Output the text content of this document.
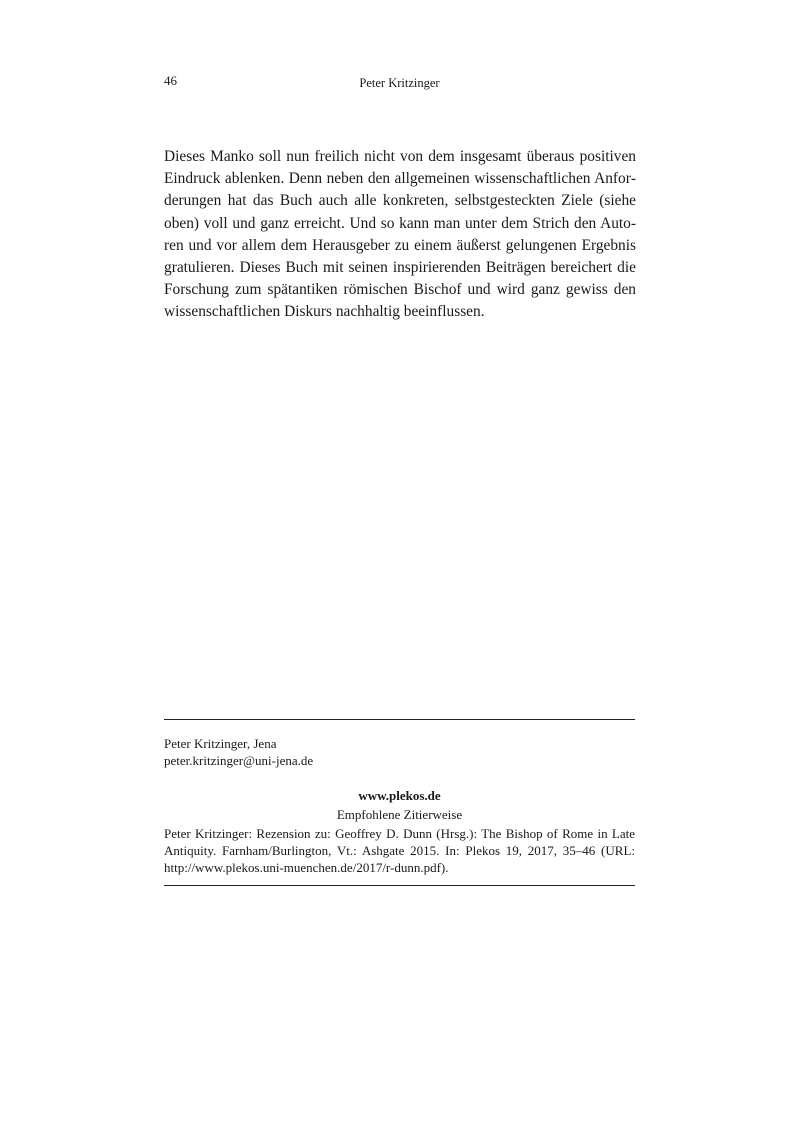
46	Peter Kritzinger

Dieses Manko soll nun freilich nicht von dem insgesamt überaus positiven Eindruck ablenken. Denn neben den allgemeinen wissenschaftlichen Anforderungen hat das Buch auch alle konkreten, selbstgesteckten Ziele (siehe oben) voll und ganz erreicht. Und so kann man unter dem Strich den Autoren und vor allem dem Herausgeber zu einem äußerst gelungenen Ergebnis gratulieren. Dieses Buch mit seinen inspirierenden Beiträgen bereichert die Forschung zum spätantiken römischen Bischof und wird ganz gewiss den wissenschaftlichen Diskurs nachhaltig beeinflussen.

Peter Kritzinger, Jena
peter.kritzinger@uni-jena.de
www.plekos.de
Empfohlene Zitierweise
Peter Kritzinger: Rezension zu: Geoffrey D. Dunn (Hrsg.): The Bishop of Rome in Late
Antiquity. Farnham/Burlington, Vt.: Ashgate 2015. In: Plekos 19, 2017, 35–46 (URL:
http://www.plekos.uni-muenchen.de/2017/r-dunn.pdf).
